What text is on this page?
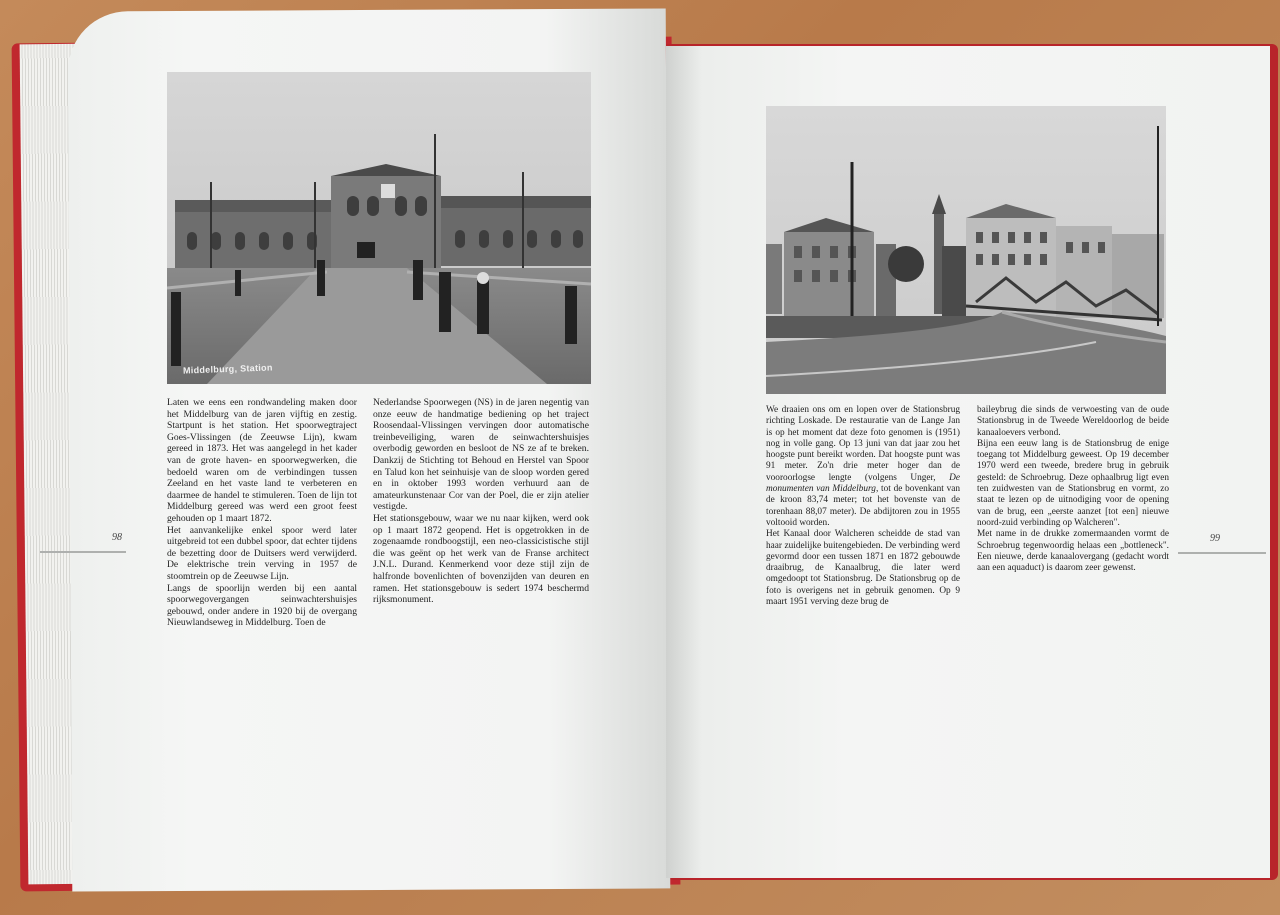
Middelburg, Station

Laten we eens een rondwandeling maken door het Middelburg van de jaren vijftig en zestig. Startpunt is het station. Het spoorwegtraject Goes-Vlissingen (de Zeeuwse Lijn), kwam gereed in 1873. Het was aangelegd in het kader van de grote haven- en spoorwegwerken, die bedoeld waren om de verbindingen tussen Zeeland en het vaste land te verbeteren en daarmee de handel te stimuleren. Toen de lijn tot Middelburg gereed was werd een groot feest gehouden op 1 maart 1872.

Het aanvankelijke enkel spoor werd later uitgebreid tot een dubbel spoor, dat echter tijdens de bezetting door de Duitsers werd verwijderd. De elektrische trein verving in 1957 de stoomtrein op de Zeeuwse Lijn.

Langs de spoorlijn werden bij een aantal spoorwegovergangen seinwachtershuisjes gebouwd, onder andere in 1920 bij de overgang Nieuwlandseweg in Middelburg. Toen de

Nederlandse Spoorwegen (NS) in de jaren negentig van onze eeuw de handmatige bediening op het traject Roosendaal-Vlissingen vervingen door automatische treinbeveiliging, waren de seinwachtershuisjes overbodig geworden en besloot de NS ze af te breken. Dankzij de Stichting tot Behoud en Herstel van Spoor en Talud kon het seinhuisje van de sloop worden gered en in oktober 1993 worden verhuurd aan de amateurkunstenaar Cor van der Poel, die er zijn atelier vestigde.

Het stationsgebouw, waar we nu naar kijken, werd ook op 1 maart 1872 geopend. Het is opgetrokken in de zogenaamde rondboogstijl, een neo-classicistische stijl die was geënt op het werk van de Franse architect J.N.L. Durand. Kenmerkend voor deze stijl zijn de halfronde bovenlichten of bovenzijden van deuren en ramen. Het stationsgebouw is sedert 1974 beschermd rijksmonument.

We draaien ons om en lopen over de Stationsbrug richting Loskade. De restauratie van de Lange Jan is op het moment dat deze foto genomen is (1951) nog in volle gang. Op 13 juni van dat jaar zou het hoogste punt bereikt worden. Dat hoogste punt was 91 meter. Zo'n drie meter hoger dan de vooroorlogse lengte (volgens Unger, De monumenten van Middelburg, tot de bovenkant van de kroon 83,74 meter; tot het bovenste van de torenhaan 88,07 meter). De abdijtoren zou in 1955 voltooid worden.

Het Kanaal door Walcheren scheidde de stad van haar zuidelijke buitengebieden. De verbinding werd gevormd door een tussen 1871 en 1872 gebouwde draaibrug, de Kanaalbrug, die later werd omgedoopt tot Stationsbrug. De Stationsbrug op de foto is overigens net in gebruik genomen. Op 9 maart 1951 verving deze brug de

baileybrug die sinds de verwoesting van de oude Stationsbrug in de Tweede Wereldoorlog de beide kanaaloevers verbond.

Bijna een eeuw lang is de Stationsbrug de enige toegang tot Middelburg geweest. Op 19 december 1970 werd een tweede, bredere brug in gebruik gesteld: de Schroebrug. Deze ophaalbrug ligt even ten zuidwesten van de Stationsbrug en vormt, zo staat te lezen op de uitnodiging voor de opening van de brug, een „eerste aanzet [tot een] nieuwe noord-zuid verbinding op Walcheren".

Met name in de drukke zomermaanden vormt de Schroebrug tegenwoordig helaas een „bottleneck". Een nieuwe, derde kanaalovergang (gedacht wordt aan een aquaduct) is daarom zeer gewenst.

98	99
